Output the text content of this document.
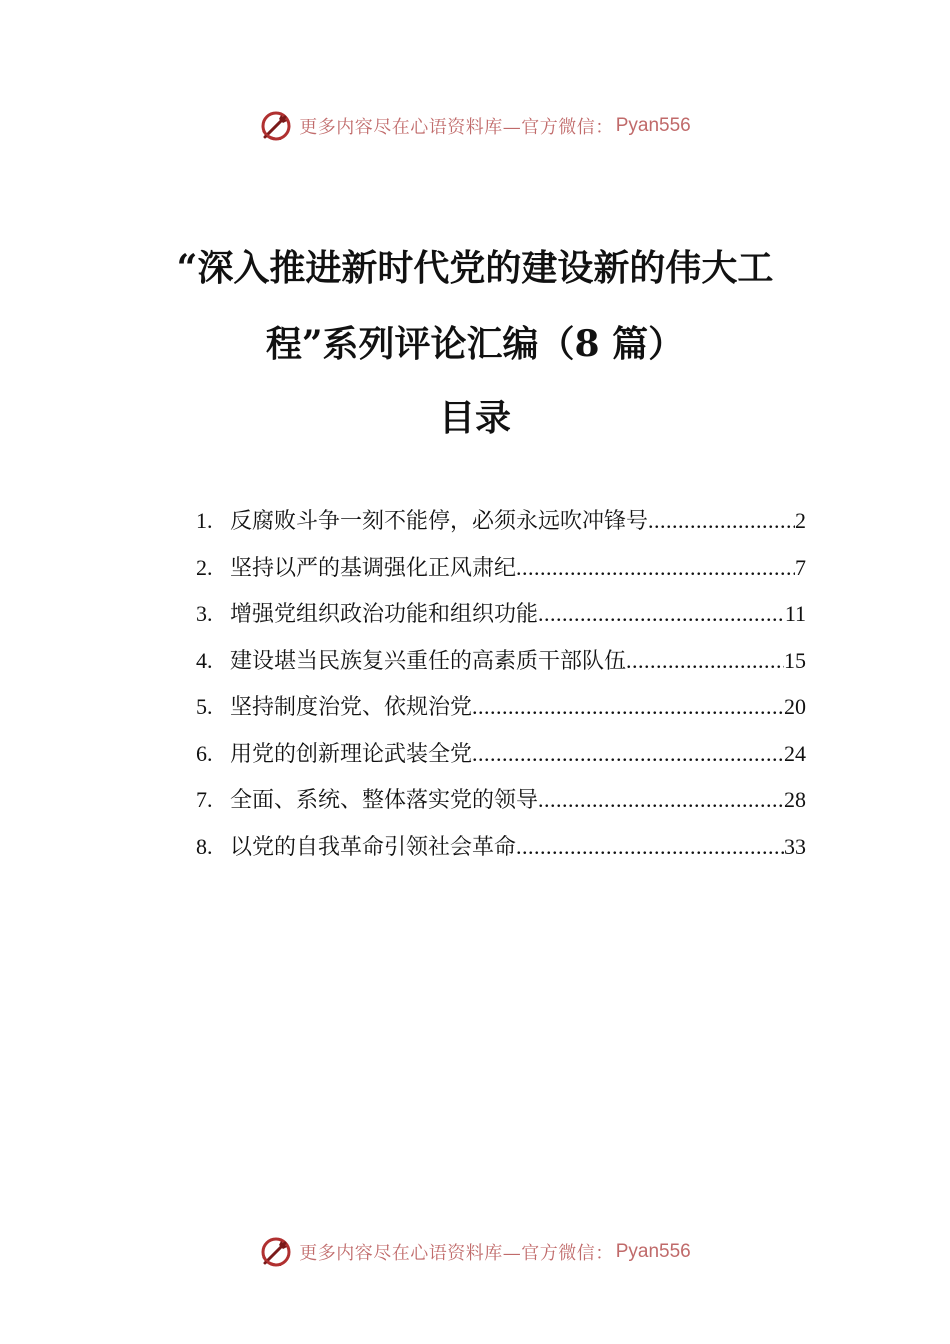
更多内容尽在心语资料库—官方微信： Pyan556
“深入推进新时代党的建设新的伟大工
程”系列评论汇编（8 篇）
目录
1. 反腐败斗争一刻不能停，必须永远吹冲锋号 .....	2
2. 坚持以严的基调强化正风肃纪 .....	7
3. 增强党组织政治功能和组织功能 .....	11
4. 建设堪当民族复兴重任的高素质干部队伍 .....	15
5. 坚持制度治党、依规治党 .....	20
6. 用党的创新理论武装全党 .....	24
7. 全面、系统、整体落实党的领导 .....	28
8. 以党的自我革命引领社会革命 .....	33
更多内容尽在心语资料库—官方微信： Pyan556
